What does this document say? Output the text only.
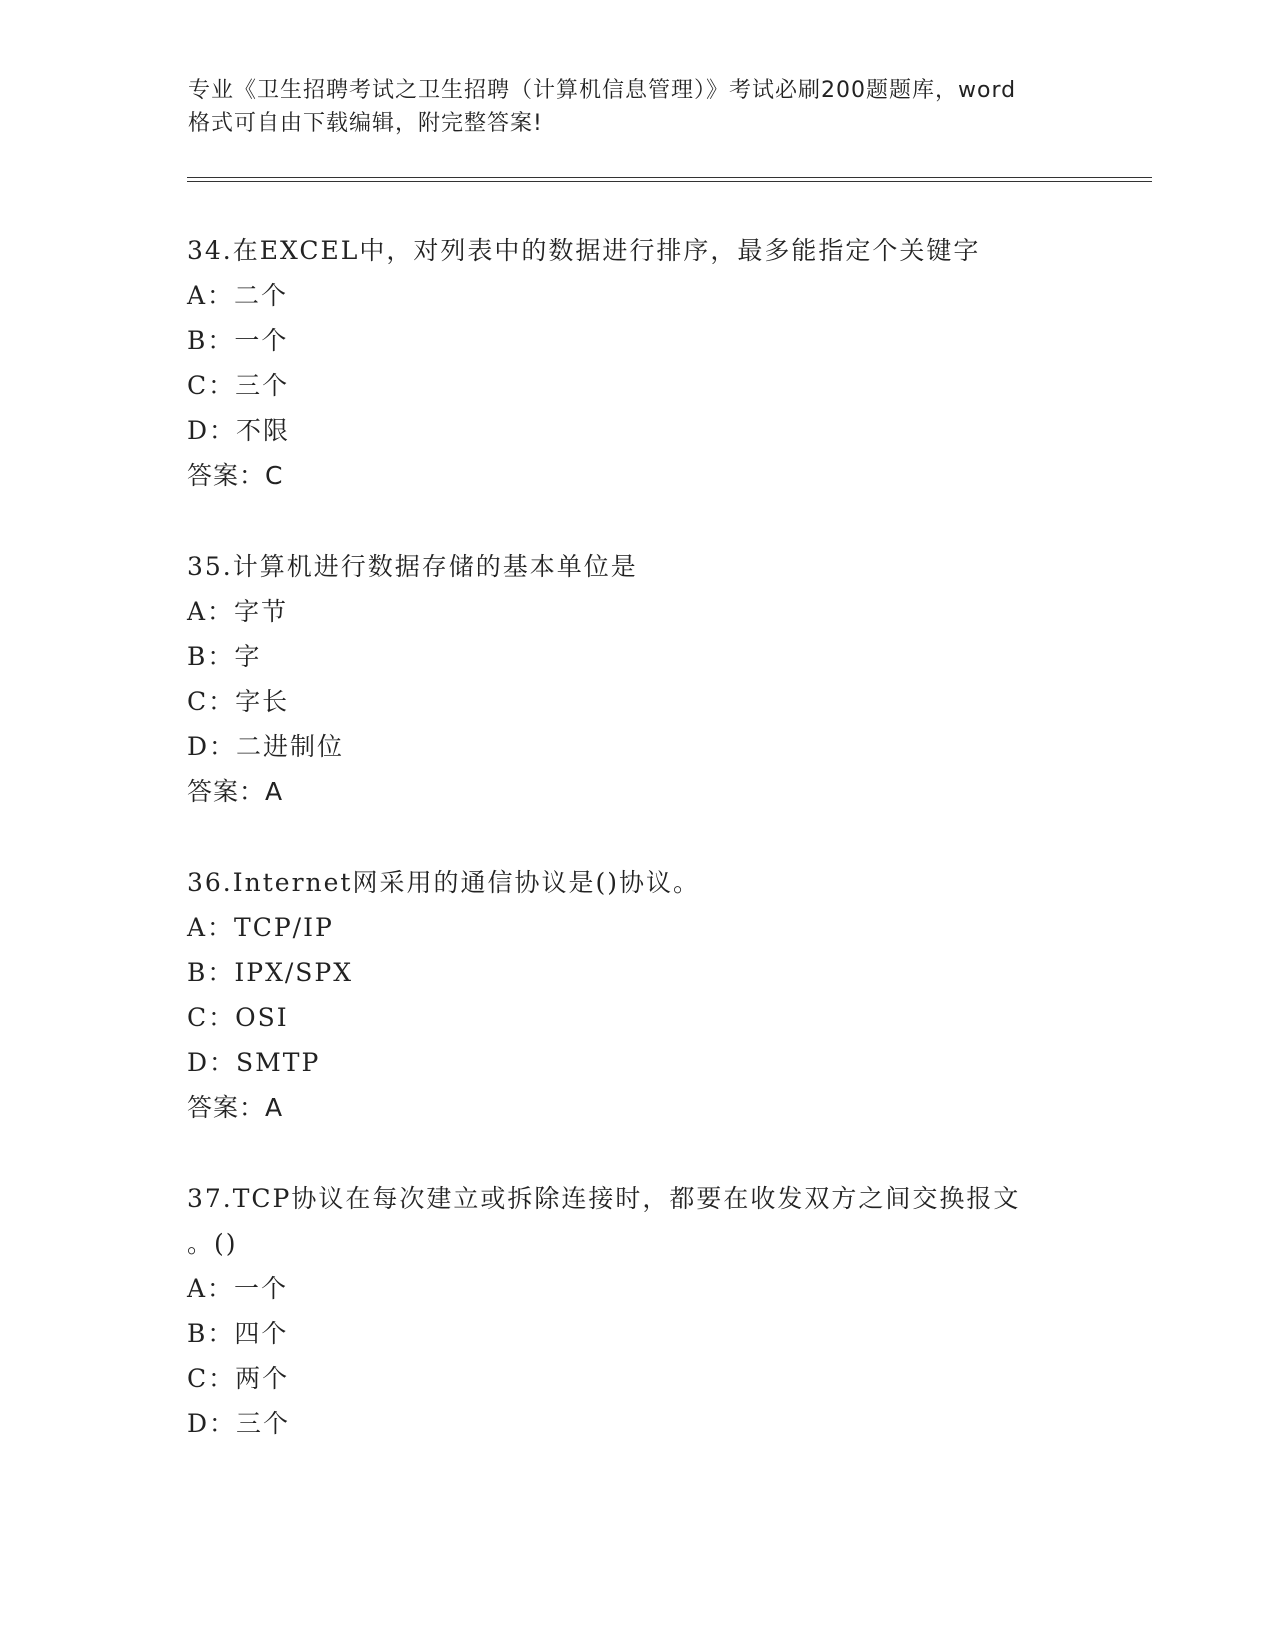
专业《卫生招聘考试之卫生招聘（计算机信息管理）》考试必刷200题题库，word
格式可自由下载编辑，附完整答案!
34.在EXCEL中，对列表中的数据进行排序，最多能指定个关键字
A：二个
B：一个
C：三个
D：不限
答案：C
35.计算机进行数据存储的基本单位是
A：字节
B：字
C：字长
D：二进制位
答案：A
36.Internet网采用的通信协议是()协议。
A：TCP/IP
B：IPX/SPX
C：OSI
D：SMTP
答案：A
37.TCP协议在每次建立或拆除连接时，都要在收发双方之间交换报文
。()
A：一个
B：四个
C：两个
D：三个
